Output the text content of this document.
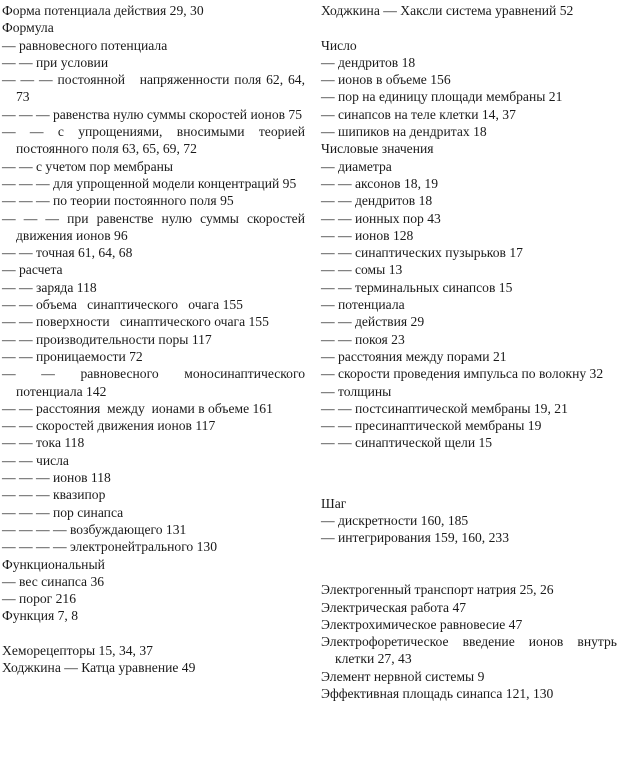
Форма потенциала действия 29, 30
Формула
— равновесного потенциала
— — при условии
— — — постоянной   напряженности поля 62, 64, 73
— — — равенства нулю суммы скоростей ионов 75
— — с упрощениями, вносимыми теорией постоянного поля 63, 65, 69, 72
— — с учетом пор мембраны
— — — для упрощенной модели концентраций 95
— — — по теории постоянного поля 95
— — — при равенстве нулю суммы скоростей движения ионов 96
— — точная 61, 64, 68
— расчета
— — заряда 118
— — объема   синаптического   очага 155
— — поверхности   синаптического очага 155
— — производительности поры 117
— — проницаемости 72
— — равновесного моносинаптического потенциала 142
— — расстояния  между  ионами в объеме 161
— — скоростей движения ионов 117
— — тока 118
— — числа
— — — ионов 118
— — — квазипор
— — — пор синапса
— — — — возбуждающего 131
— — — — электронейтрального 130
Функциональный
— вес синапса 36
— порог 216
Функция 7, 8
Хеморецепторы 15, 34, 37
Ходжкина — Катца уравнение 49
Ходжкина — Хаксли система уравнений 52
Число
— дендритов 18
— ионов в объеме 156
— пор на единицу площади мембраны 21
— синапсов на теле клетки 14, 37
— шипиков на дендритах 18
Числовые значения
— диаметра
— — аксонов 18, 19
— — дендритов 18
— — ионных пор 43
— — ионов 128
— — синаптических пузырьков 17
— — сомы 13
— — терминальных синапсов 15
— потенциала
— — действия 29
— — покоя 23
— расстояния между порами 21
— скорости проведения импульса по волокну 32
— толщины
— — постсинаптической мембраны 19, 21
— — пресинаптической мембраны 19
— — синаптической щели 15
Шаг
— дискретности 160, 185
— интегрирования 159, 160, 233
Электрогенный транспорт натрия 25, 26
Электрическая работа 47
Электрохимическое равновесие 47
Электрофоретическое введение ионов внутрь клетки 27, 43
Элемент нервной системы 9
Эффективная площадь синапса 121, 130
